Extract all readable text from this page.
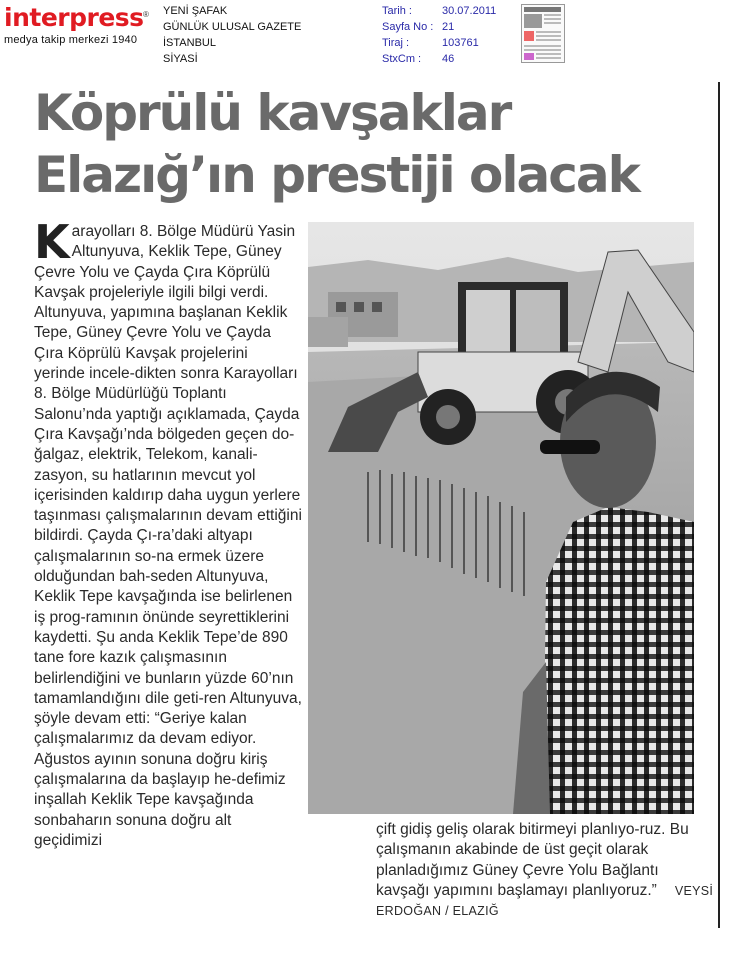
interpress ®
medya takip merkezi 1940
YENİ ŞAFAK
GÜNLÜK ULUSAL GAZETE
İSTANBUL
SİYASİ
Tarih :	30.07.2011
Sayfa No : 21
Tiraj :	103761
StxCm : 46
Köprülü kavşaklar
Elazığ’ın prestiji olacak

Karayolları 8. Bölge Müdürü Yasin Altunyuva, Keklik Tepe, Güney Çevre Yolu ve Çayda Çıra Köprülü Kavşak projeleriyle ilgili bilgi verdi. Altunyuva, yapımına başlanan Keklik Tepe, Güney Çevre Yolu ve Çayda Çıra Köprülü Kavşak projelerini yerinde incele-dikten sonra Karayolları 8. Bölge Müdürlüğü Toplantı Salonu’nda yaptığı açıklamada, Çayda Çıra Kavşağı’nda bölgeden geçen do-ğalgaz, elektrik, Telekom, kanali-zasyon, su hatlarının mevcut yol içerisinden kaldırıp daha uygun yerlere taşınması çalışmalarının devam ettiğini bildirdi. Çayda Çı-ra’daki altyapı çalışmalarının so-na ermek üzere olduğundan bah-seden Altunyuva, Keklik Tepe kavşağında ise belirlenen iş prog-ramının önünde seyrettiklerini kaydetti. Şu anda Keklik Tepe’de 890 tane fore kazık çalışmasının belirlendiğini ve bunların yüzde 60’nın tamamlandığını dile geti-ren Altunyuva, şöyle devam etti: “Geriye kalan çalışmalarımız da devam ediyor. Ağustos ayının sonuna doğru kiriş çalışmalarına da başlayıp he-defimiz inşallah Keklik Tepe kavşağında sonbaharın sonuna doğru alt geçidimizi

çift gidiş geliş olarak bitirmeyi planlıyo-ruz. Bu çalışmanın akabinde de üst geçit olarak planladığımız Güney Çevre Yolu Bağlantı kavşağı yapımını başlamayı planlıyoruz.” VEYSİ ERDOĞAN / ELAZIĞ
